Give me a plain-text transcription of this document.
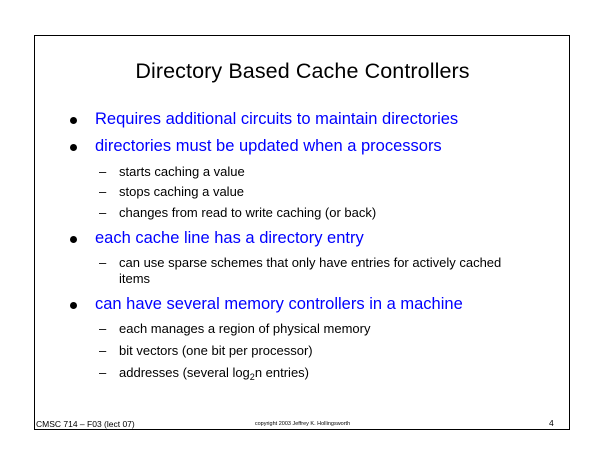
Directory Based Cache Controllers
Requires additional circuits to maintain directories
directories must be updated when a processors
– starts caching a value
– stops caching a value
– changes from read to write caching (or back)
each cache line has a directory entry
– can use sparse schemes that only have entries for actively cached items
can have several memory controllers in a machine
– each manages a region of physical memory
– bit vectors (one bit per processor)
– addresses (several $\log_2n$ entries)
CMSC 714 – F03 (lect 07)	copyright 2003 Jeffrey K. Hollingsworth	4
